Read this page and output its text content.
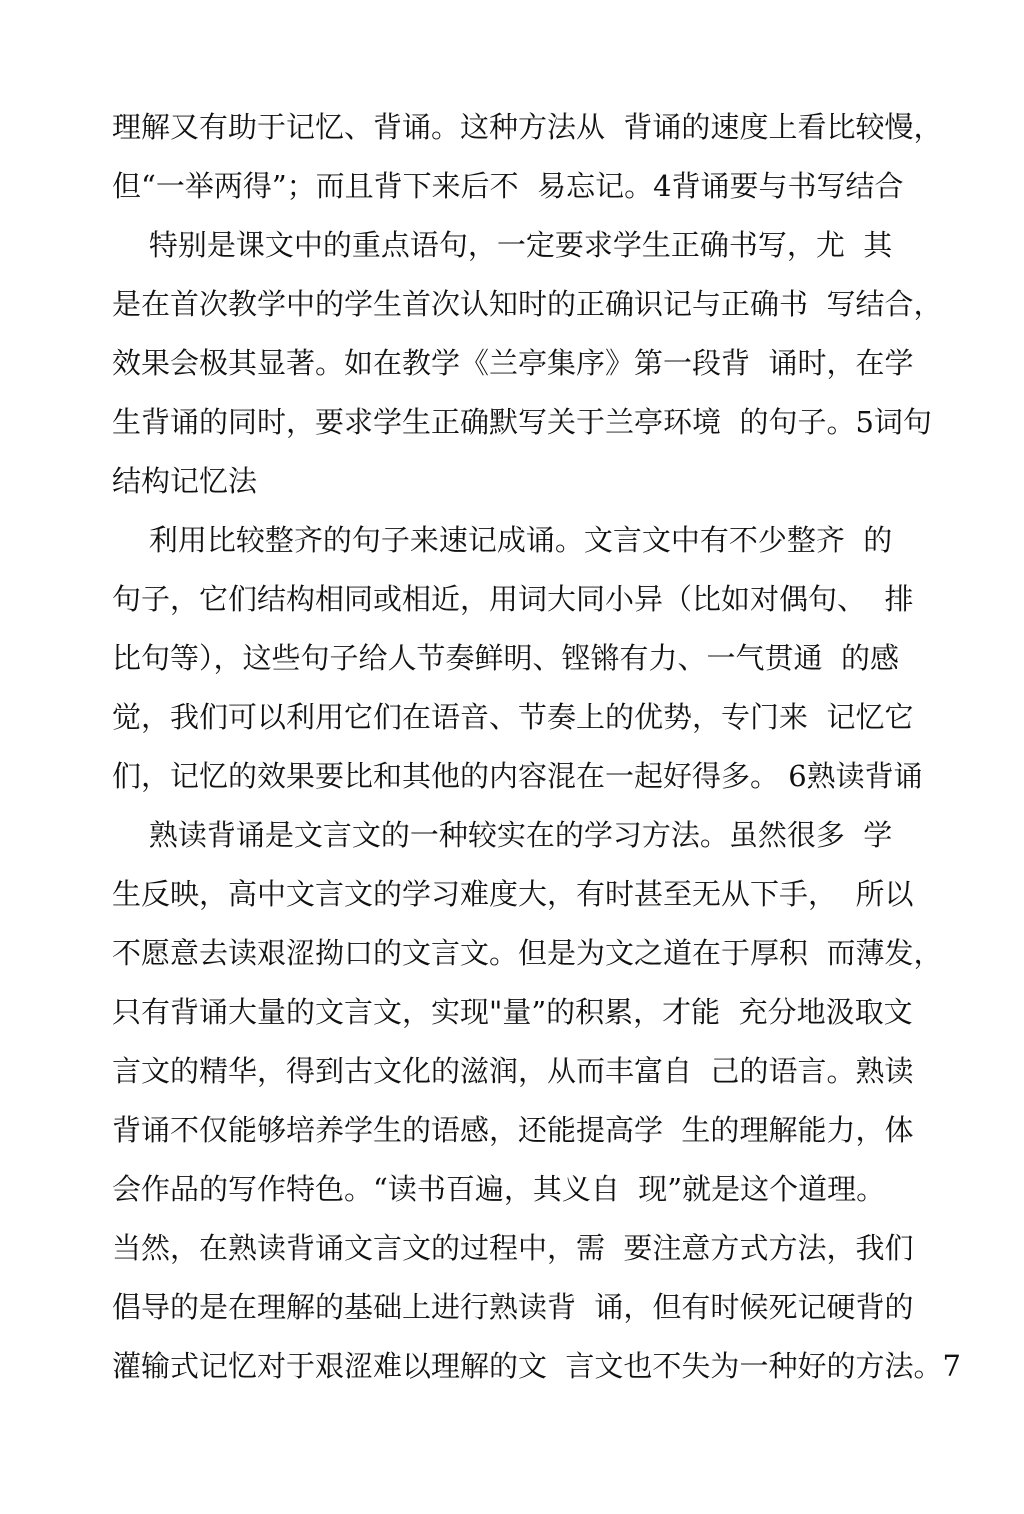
理解又有助于记忆、背诵。这种方法从  背诵的速度上看比较慢，
但“一举两得”；而且背下来后不  易忘记。4背诵要与书写结合
特别是课文中的重点语句，一定要求学生正确书写，尤  其
是在首次教学中的学生首次认知时的正确识记与正确书  写结合，
效果会极其显著。如在教学《兰亭集序》第一段背  诵时，在学
生背诵的同时，要求学生正确默写关于兰亭环境  的句子。5词句
结构记忆法
利用比较整齐的句子来速记成诵。文言文中有不少整齐  的
句子，它们结构相同或相近，用词大同小异（比如对偶句、  排
比句等），这些句子给人节奏鲜明、铿锵有力、一气贯通  的感
觉，我们可以利用它们在语音、节奏上的优势，专门来  记忆它
们，记忆的效果要比和其他的内容混在一起好得多。 6熟读背诵
熟读背诵是文言文的一种较实在的学习方法。虽然很多  学
生反映，高中文言文的学习难度大，有时甚至无从下手，  所以
不愿意去读艰涩拗口的文言文。但是为文之道在于厚积  而薄发，
只有背诵大量的文言文，实现"量”的积累，才能  充分地汲取文
言文的精华，得到古文化的滋润，从而丰富自  己的语言。熟读
背诵不仅能够培养学生的语感，还能提高学  生的理解能力，体
会作品的写作特色。“读书百遍，其义自  现”就是这个道理。
当然，在熟读背诵文言文的过程中，需  要注意方式方法，我们
倡导的是在理解的基础上进行熟读背  诵，但有时候死记硬背的
灌输式记忆对于艰涩难以理解的文  言文也不失为一种好的方法。7
